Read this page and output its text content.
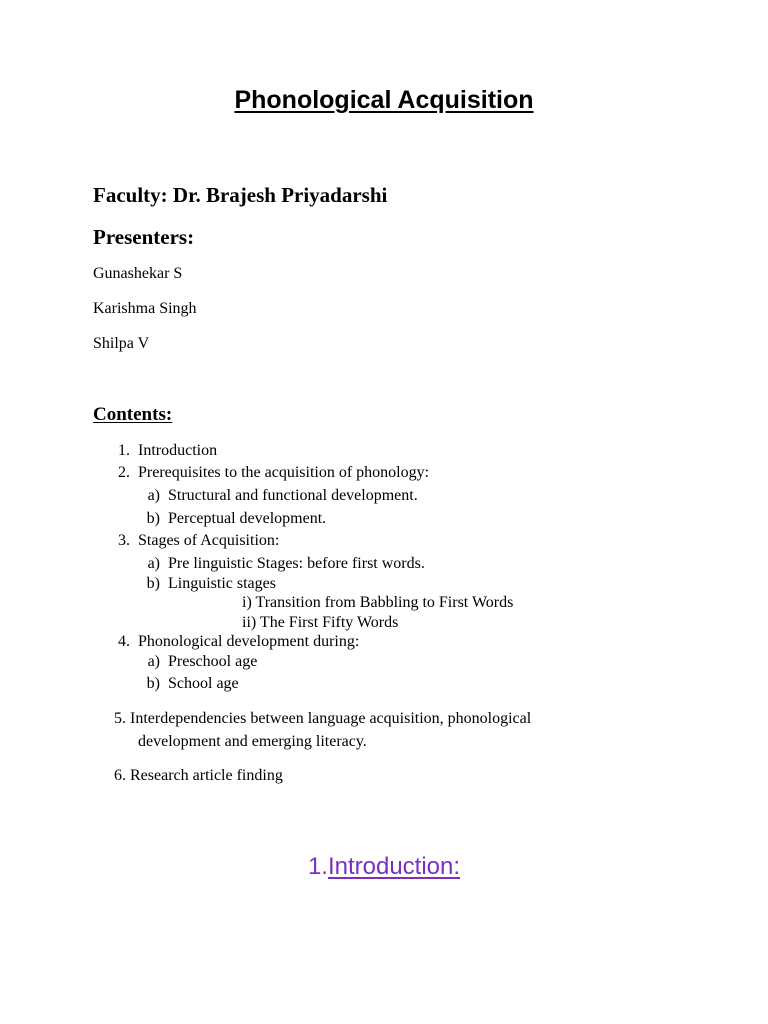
Phonological Acquisition
Faculty: Dr. Brajesh Priyadarshi
Presenters:
Gunashekar S
Karishma Singh
Shilpa V
Contents:
1. Introduction
2. Prerequisites to the acquisition of phonology:
a) Structural and functional development.
b) Perceptual development.
3. Stages of Acquisition:
a) Pre linguistic Stages: before first words.
b) Linguistic stages
i) Transition from Babbling to First Words
ii) The First Fifty Words
4. Phonological development during:
a) Preschool age
b) School age
5. Interdependencies between language acquisition, phonological
development and emerging literacy.
6. Research article finding
1.Introduction:
